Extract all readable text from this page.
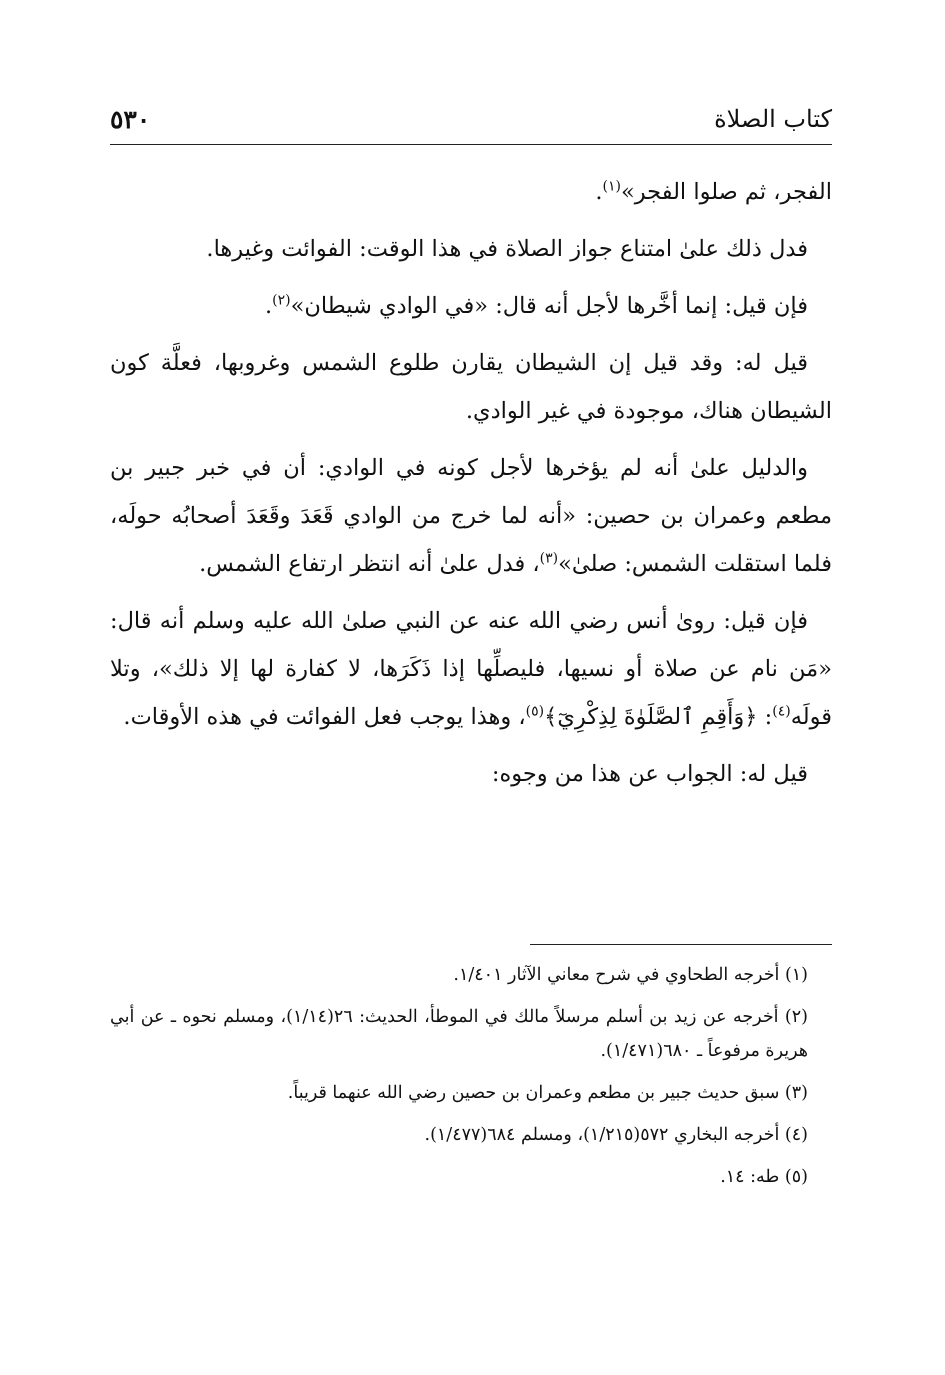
كتاب الصلاة
٥٣٠

الفجر، ثم صلوا الفجر»$^{(١)}$.

فدل ذلك علىٰ امتناع جواز الصلاة في هذا الوقت: الفوائت وغيرها.

فإن قيل: إنما أخَّرها لأجل أنه قال: «في الوادي شيطان»$^{(٢)}$.

قيل له: وقد قيل إن الشيطان يقارن طلوع الشمس وغروبها، فعلَّة كون الشيطان هناك، موجودة في غير الوادي.

والدليل علىٰ أنه لم يؤخرها لأجل كونه في الوادي: أن في خبر جبير بن مطعم وعمران بن حصين: «أنه لما خرج من الوادي قَعَدَ وقَعَدَ أصحابُه حولَه، فلما استقلت الشمس: صلىٰ»$^{(٣)}$، فدل علىٰ أنه انتظر ارتفاع الشمس.

فإن قيل: روىٰ أنس رضي الله عنه عن النبي صلىٰ الله عليه وسلم أنه قال: «مَن نام عن صلاة أو نسيها، فليصلِّها إذا ذَكَرَها، لا كفارة لها إلا ذلك»، وتلا قولَه$^{(٤)}$: ﴿وَأَقِمِ ٱلصَّلَوٰةَ لِذِكْرِيٓ﴾$^{(٥)}$، وهذا يوجب فعل الفوائت في هذه الأوقات.

قيل له: الجواب عن هذا من وجوه:

(١) أخرجه الطحاوي في شرح معاني الآثار ١/٤٠١.

(٢) أخرجه عن زيد بن أسلم مرسلاً مالك في الموطأ، الحديث: ٢٦(١/١٤)، ومسلم نحوه ـ عن أبي هريرة مرفوعاً ـ ٦٨٠(١/٤٧١).

(٣) سبق حديث جبير بن مطعم وعمران بن حصين رضي الله عنهما قريباً.

(٤) أخرجه البخاري ٥٧٢(١/٢١٥)، ومسلم ٦٨٤(١/٤٧٧).

(٥) طه: ١٤.
